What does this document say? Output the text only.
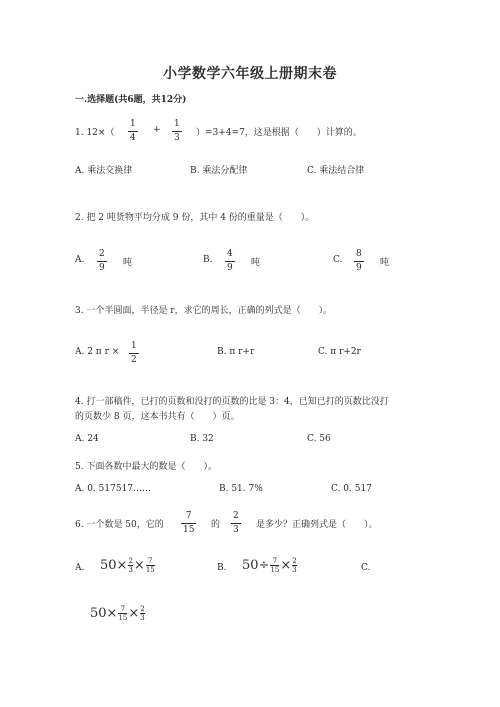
小学数学六年级上册期末卷
一.选择题(共6题，共12分)
1. 12×（
1
4
+
1
3 ）=3+4=7，这是根据（　　）计算的。
A. 乘法交换律	B. 乘法分配律	C. 乘法结合律
2. 把 2 吨货物平均分成 9 份，其中 4 份的重量是（　　）。
A.
2
9 吨	B.
4
9 吨	C.
8
9 吨
3. 一个半圆面，半径是 r，求它的周长，正确的列式是（　　）。
A. 2 π r ×
1
2
B. π r+r	C. π r+2r
4. 打一部稿件，已打的页数和没打的页数的比是 3：4，已知已打的页数比没打
的页数少 8 页，这本书共有（　　）页。
A. 24	B. 32	C. 56
5. 下面各数中最大的数是（　　）。
A. 0. 517517……	B. 51. 7%	C. 0. 517
6. 一个数是 50，它的
7
15 的
2
3 是多少？正确列式是（　　）。
A. 50 × 2
3 × 7
15	B. 50 ÷ 7
15 × 2
3	C.
50 × 7
15 × 2
3
